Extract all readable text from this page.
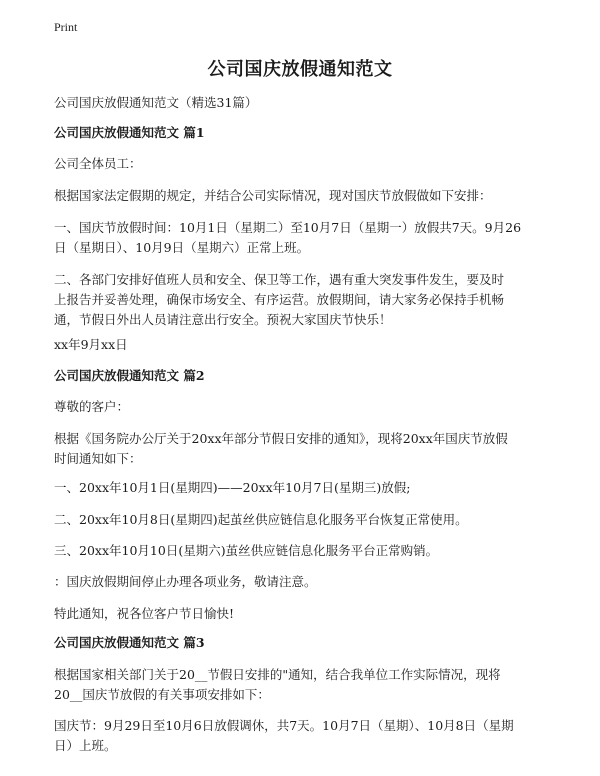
Print
公司国庆放假通知范文

公司国庆放假通知范文（精选31篇）

公司国庆放假通知范文 篇1

公司全体员工：

根据国家法定假期的规定，并结合公司实际情况，现对国庆节放假做如下安排：

一、国庆节放假时间：10月1日（星期二）至10月7日（星期一）放假共7天。9月26

日（星期日）、10月9日（星期六）正常上班。

二、各部门安排好值班人员和安全、保卫等工作，遇有重大突发事件发生，要及时

上报告并妥善处理，确保市场安全、有序运营。放假期间，请大家务必保持手机畅

通，节假日外出人员请注意出行安全。预祝大家国庆节快乐！

xx年9月xx日

公司国庆放假通知范文 篇2

尊敬的客户：

根据《国务院办公厅关于20xx年部分节假日安排的通知》，现将20xx年国庆节放假

时间通知如下：

一、20xx年10月1日(星期四)——20xx年10月7日(星期三)放假;

二、20xx年10月8日(星期四)起茧丝供应链信息化服务平台恢复正常使用。

三、20xx年10月10日(星期六)茧丝供应链信息化服务平台正常购销。

：国庆放假期间停止办理各项业务，敬请注意。

特此通知，祝各位客户节日愉快!

公司国庆放假通知范文 篇3

根据国家相关部门关于20__节假日安排的"通知，结合我单位工作实际情况，现将

20__国庆节放假的有关事项安排如下：

国庆节：9月29日至10月6日放假调休，共7天。10月7日（星期）、10月8日（星期

日）上班。
